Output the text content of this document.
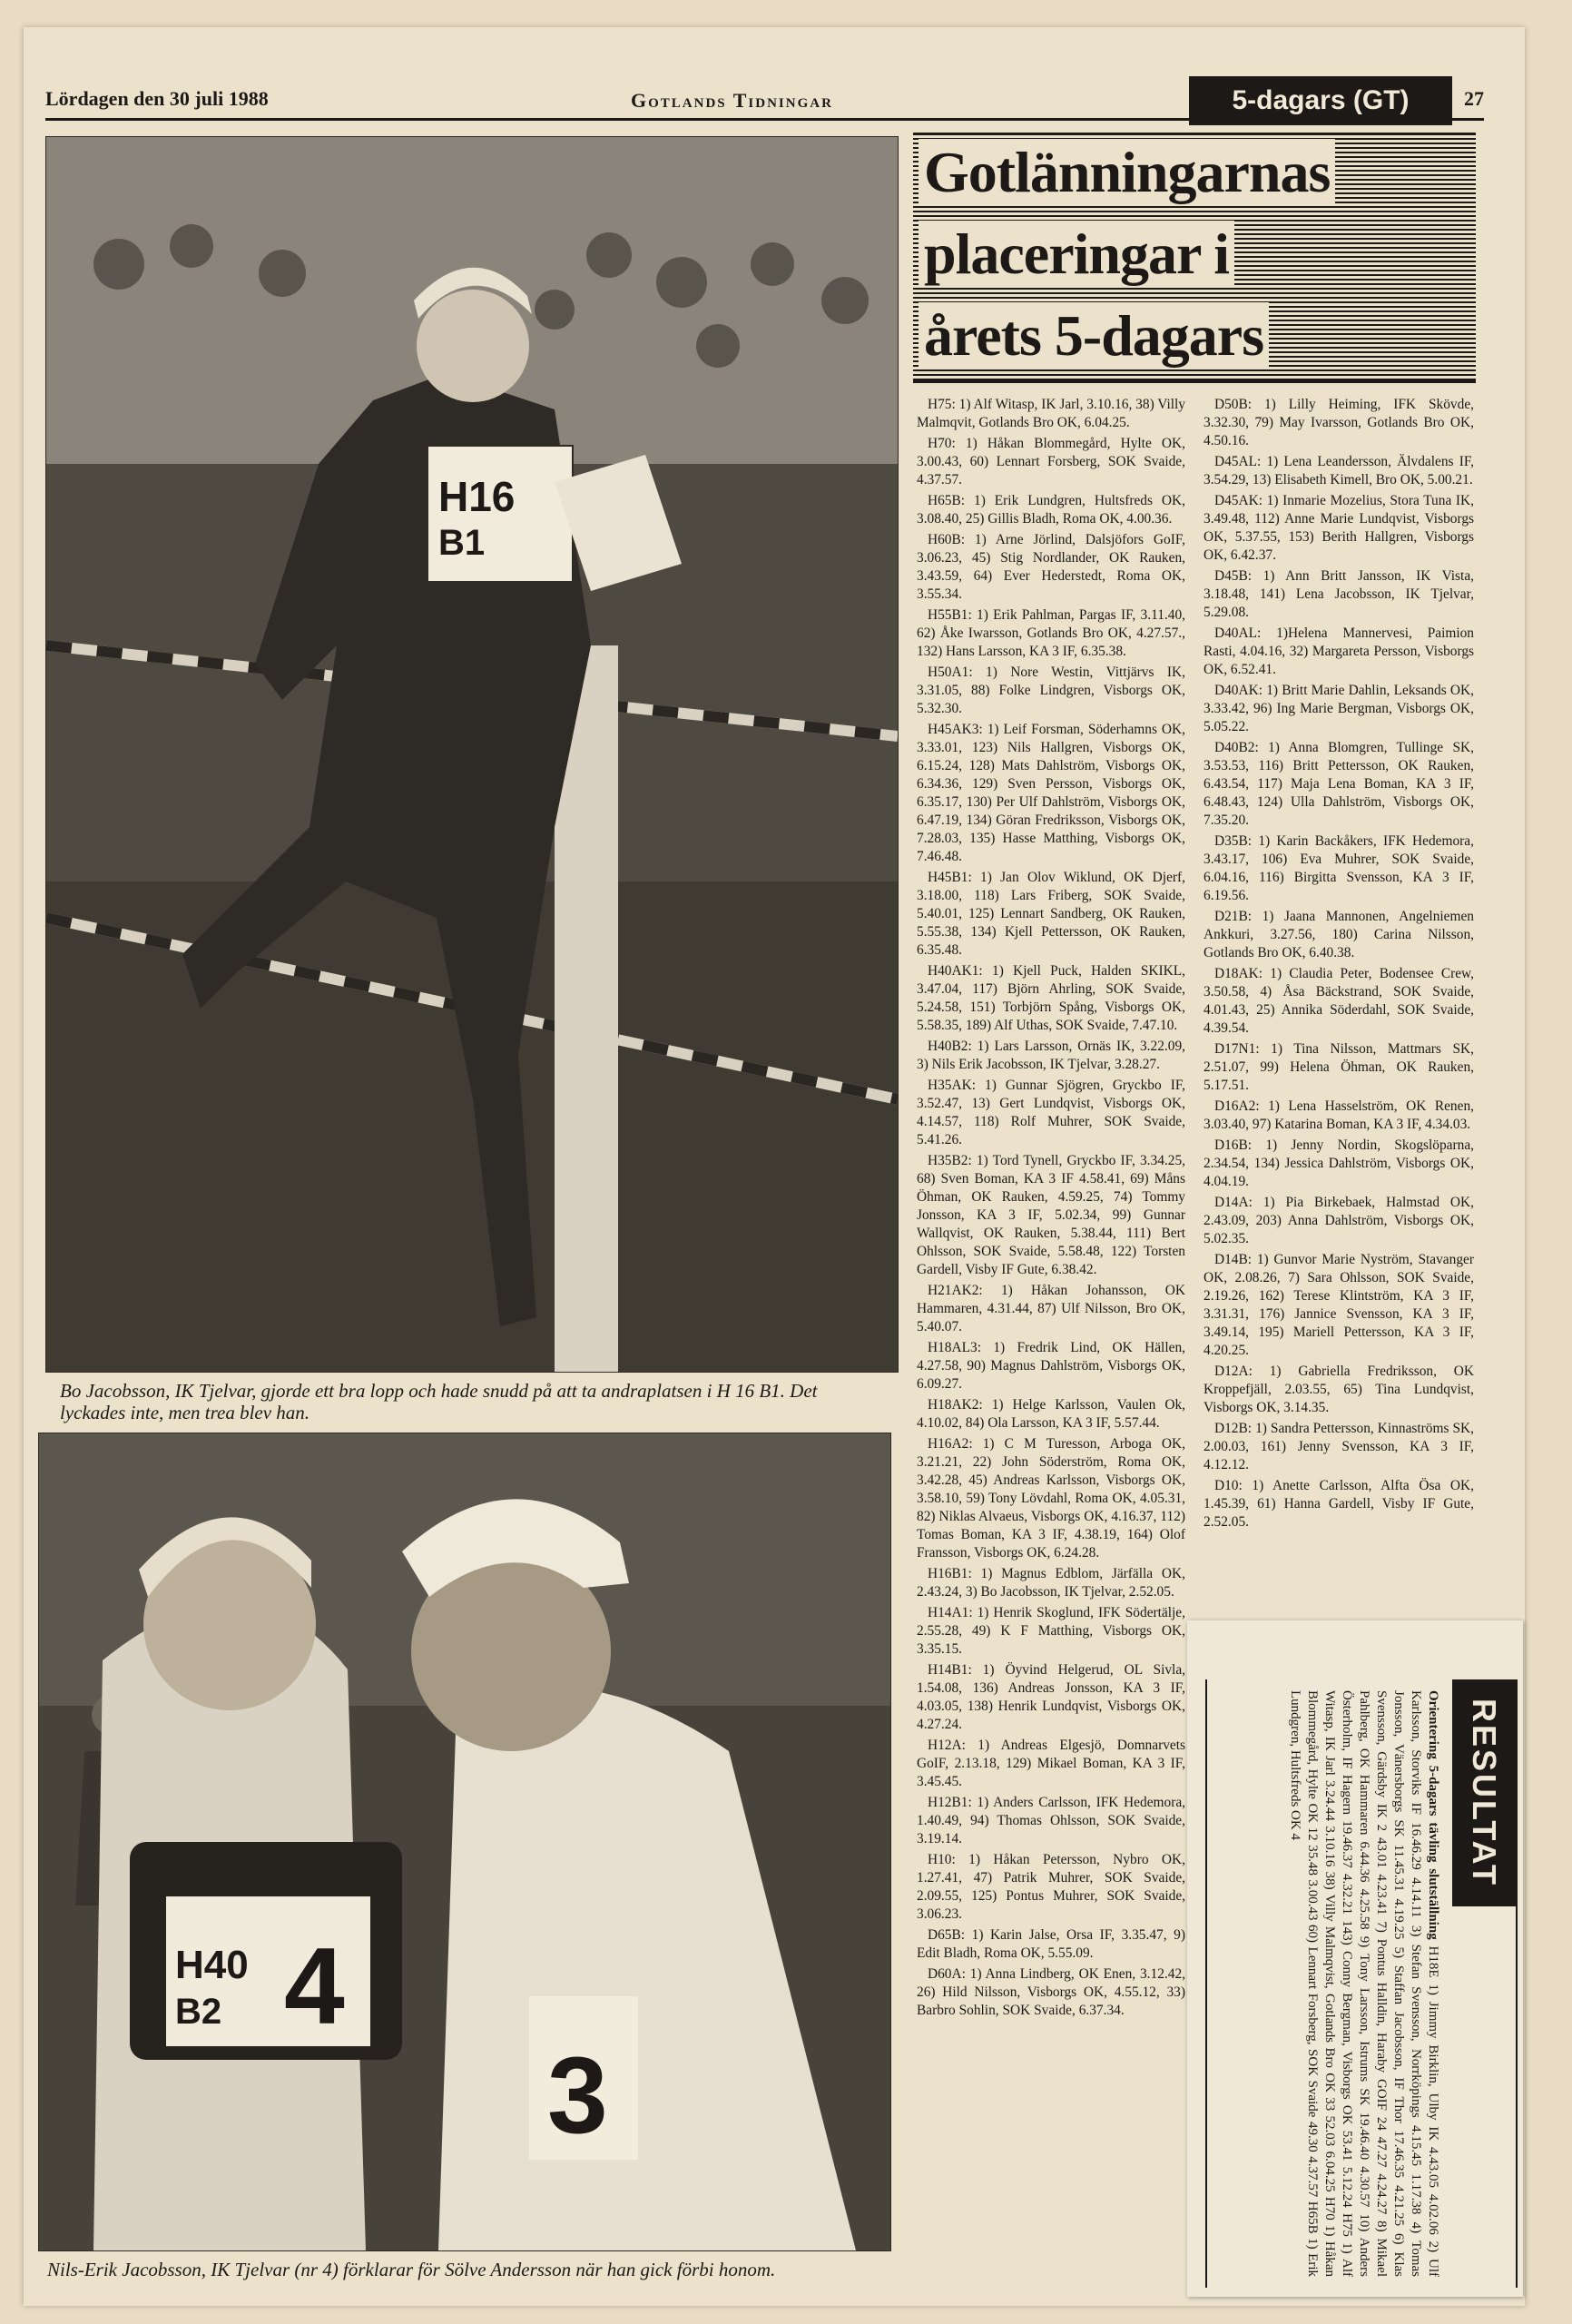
Lördagen den 30 juli 1988	Gotlands Tidningar	5-dagars (GT)	27
H16
B1
Bo Jacobsson, IK Tjelvar, gjorde ett bra lopp och hade snudd på att ta andraplatsen i H 16 B1. Det lyckades inte, men trea blev han.
H40
B2 4
3
Nils-Erik Jacobsson, IK Tjelvar (nr 4) förklarar för Sölve Andersson när han gick förbi honom.
Gotlänningarnas
placeringar i
årets 5-dagars

H75: 1) Alf Witasp, IK Jarl, 3.10.16, 38) Villy Malmqvit, Gotlands Bro OK, 6.04.25.

H70: 1) Håkan Blommegård, Hylte OK, 3.00.43, 60) Lennart Forsberg, SOK Svaide, 4.37.57.

H65B: 1) Erik Lundgren, Hultsfreds OK, 3.08.40, 25) Gillis Bladh, Roma OK, 4.00.36.

H60B: 1) Arne Jörlind, Dalsjöfors GoIF, 3.06.23, 45) Stig Nordlander, OK Rauken, 3.43.59, 64) Ever Hederstedt, Roma OK, 3.55.34.

H55B1: 1) Erik Pahlman, Pargas IF, 3.11.40, 62) Åke Iwarsson, Gotlands Bro OK, 4.27.57., 132) Hans Larsson, KA 3 IF, 6.35.38.

H50A1: 1) Nore Westin, Vittjärvs IK, 3.31.05, 88) Folke Lindgren, Visborgs OK, 5.32.30.

H45AK3: 1) Leif Forsman, Söderhamns OK, 3.33.01, 123) Nils Hallgren, Visborgs OK, 6.15.24, 128) Mats Dahlström, Visborgs OK, 6.34.36, 129) Sven Persson, Visborgs OK, 6.35.17, 130) Per Ulf Dahlström, Visborgs OK, 6.47.19, 134) Göran Fredriksson, Visborgs OK, 7.28.03, 135) Hasse Matthing, Visborgs OK, 7.46.48.

H45B1: 1) Jan Olov Wiklund, OK Djerf, 3.18.00, 118) Lars Friberg, SOK Svaide, 5.40.01, 125) Lennart Sandberg, OK Rauken, 5.55.38, 134) Kjell Pettersson, OK Rauken, 6.35.48.

H40AK1: 1) Kjell Puck, Halden SKIKL, 3.47.04, 117) Björn Ahrling, SOK Svaide, 5.24.58, 151) Torbjörn Spång, Visborgs OK, 5.58.35, 189) Alf Uthas, SOK Svaide, 7.47.10.

H40B2: 1) Lars Larsson, Ornäs IK, 3.22.09, 3) Nils Erik Jacobsson, IK Tjelvar, 3.28.27.

H35AK: 1) Gunnar Sjögren, Gryckbo IF, 3.52.47, 13) Gert Lundqvist, Visborgs OK, 4.14.57, 118) Rolf Muhrer, SOK Svaide, 5.41.26.

H35B2: 1) Tord Tynell, Gryckbo IF, 3.34.25, 68) Sven Boman, KA 3 IF 4.58.41, 69) Måns Öhman, OK Rauken, 4.59.25, 74) Tommy Jonsson, KA 3 IF, 5.02.34, 99) Gunnar Wallqvist, OK Rauken, 5.38.44, 111) Bert Ohlsson, SOK Svaide, 5.58.48, 122) Torsten Gardell, Visby IF Gute, 6.38.42.

H21AK2: 1) Håkan Johansson, OK Hammaren, 4.31.44, 87) Ulf Nilsson, Bro OK, 5.40.07.

H18AL3: 1) Fredrik Lind, OK Hällen, 4.27.58, 90) Magnus Dahlström, Visborgs OK, 6.09.27.

H18AK2: 1) Helge Karlsson, Vaulen Ok, 4.10.02, 84) Ola Larsson, KA 3 IF, 5.57.44.

H16A2: 1) C M Turesson, Arboga OK, 3.21.21, 22) John Söderström, Roma OK, 3.42.28, 45) Andreas Karlsson, Visborgs OK, 3.58.10, 59) Tony Lövdahl, Roma OK, 4.05.31, 82) Niklas Alvaeus, Visborgs OK, 4.16.37, 112) Tomas Boman, KA 3 IF, 4.38.19, 164) Olof Fransson, Visborgs OK, 6.24.28.

H16B1: 1) Magnus Edblom, Järfälla OK, 2.43.24, 3) Bo Jacobsson, IK Tjelvar, 2.52.05.

H14A1: 1) Henrik Skoglund, IFK Södertälje, 2.55.28, 49) K F Matthing, Visborgs OK, 3.35.15.

H14B1: 1) Öyvind Helgerud, OL Sivla, 1.54.08, 136) Andreas Jonsson, KA 3 IF, 4.03.05, 138) Henrik Lundqvist, Visborgs OK, 4.27.24.

H12A: 1) Andreas Elgesjö, Domnarvets GoIF, 2.13.18, 129) Mikael Boman, KA 3 IF, 3.45.45.

H12B1: 1) Anders Carlsson, IFK Hedemora, 1.40.49, 94) Thomas Ohlsson, SOK Svaide, 3.19.14.

H10: 1) Håkan Petersson, Nybro OK, 1.27.41, 47) Patrik Muhrer, SOK Svaide, 2.09.55, 125) Pontus Muhrer, SOK Svaide, 3.06.23.

D65B: 1) Karin Jalse, Orsa IF, 3.35.47, 9) Edit Bladh, Roma OK, 5.55.09.

D60A: 1) Anna Lindberg, OK Enen, 3.12.42, 26) Hild Nilsson, Visborgs OK, 4.55.12, 33) Barbro Sohlin, SOK Svaide, 6.37.34.

D50B: 1) Lilly Heiming, IFK Skövde, 3.32.30, 79) May Ivarsson, Gotlands Bro OK, 4.50.16.

D45AL: 1) Lena Leandersson, Älvdalens IF, 3.54.29, 13) Elisabeth Kimell, Bro OK, 5.00.21.

D45AK: 1) Inmarie Mozelius, Stora Tuna IK, 3.49.48, 112) Anne Marie Lundqvist, Visborgs OK, 5.37.55, 153) Berith Hallgren, Visborgs OK, 6.42.37.

D45B: 1) Ann Britt Jansson, IK Vista, 3.18.48, 141) Lena Jacobsson, IK Tjelvar, 5.29.08.

D40AL: 1)Helena Mannervesi, Paimion Rasti, 4.04.16, 32) Margareta Persson, Visborgs OK, 6.52.41.

D40AK: 1) Britt Marie Dahlin, Leksands OK, 3.33.42, 96) Ing Marie Bergman, Visborgs OK, 5.05.22.

D40B2: 1) Anna Blomgren, Tullinge SK, 3.53.53, 116) Britt Pettersson, OK Rauken, 6.43.54, 117) Maja Lena Boman, KA 3 IF, 6.48.43, 124) Ulla Dahlström, Visborgs OK, 7.35.20.

D35B: 1) Karin Backåkers, IFK Hedemora, 3.43.17, 106) Eva Muhrer, SOK Svaide, 6.04.16, 116) Birgitta Svensson, KA 3 IF, 6.19.56.

D21B: 1) Jaana Mannonen, Angelniemen Ankkuri, 3.27.56, 180) Carina Nilsson, Gotlands Bro OK, 6.40.38.

D18AK: 1) Claudia Peter, Bodensee Crew, 3.50.58, 4) Åsa Bäckstrand, SOK Svaide, 4.01.43, 25) Annika Söderdahl, SOK Svaide, 4.39.54.

D17N1: 1) Tina Nilsson, Mattmars SK, 2.51.07, 99) Helena Öhman, OK Rauken, 5.17.51.

D16A2: 1) Lena Hasselström, OK Renen, 3.03.40, 97) Katarina Boman, KA 3 IF, 4.34.03.

D16B: 1) Jenny Nordin, Skogslöparna, 2.34.54, 134) Jessica Dahlström, Visborgs OK, 4.04.19.

D14A: 1) Pia Birkebaek, Halmstad OK, 2.43.09, 203) Anna Dahlström, Visborgs OK, 5.02.35.

D14B: 1) Gunvor Marie Nyström, Stavanger OK, 2.08.26, 7) Sara Ohlsson, SOK Svaide, 2.19.26, 162) Terese Klintström, KA 3 IF, 3.31.31, 176) Jannice Svensson, KA 3 IF, 3.49.14, 195) Mariell Pettersson, KA 3 IF, 4.20.25.

D12A: 1) Gabriella Fredriksson, OK Kroppefjäll, 2.03.55, 65) Tina Lundqvist, Visborgs OK, 3.14.35.

D12B: 1) Sandra Pettersson, Kinnaströms SK, 2.00.03, 161) Jenny Svensson, KA 3 IF, 4.12.12.

D10: 1) Anette Carlsson, Alfta Ösa OK, 1.45.39, 61) Hanna Gardell, Visby IF Gute, 2.52.05.

RESULTAT
Orientering 5-dagars tävling slutställning H18E 1) Jimmy Birklin, Ulby IK 4.43.05 4.02.06 2) Ulf Karlsson, Storviks IF 16.46.29 4.14.11 3) Stefan Svensson, Norrköpings 4.15.45 1.17.38 4) Tomas Jonsson, Vänersborgs SK 11.45.31 4.19.25 5) Staffan Jacobsson, IF Thor 17.46.35 4.21.25 6) Klas Svensson, Gärdsby IK 2 43.01 4.23.41 7) Pontus Halldin, Haraby GOIF 24 47.27 4.24.27 8) Mikael Pahlberg, OK Hammaren 6.44.36 4.25.58 9) Tony Larsson, Istrums SK 19.46.40 4.30.57 10) Anders Österholm, IF Hagern 19.46.37 4.32.21 143) Conny Bergman, Visborgs OK 53.41 5.12.24 H75 1) Alf Witasp, IK Jarl 3.24.44 3.10.16 38) Villy Malmqvist, Gotlands Bro OK 33 52.03 6.04.25 H70 1) Håkan Blommegård, Hylte OK 12 35.48 3.00.43 60) Lennart Forsberg, SOK Svaide 49.30 4.37.57 H65B 1) Erik Lundgren, Hultsfreds OK 4
